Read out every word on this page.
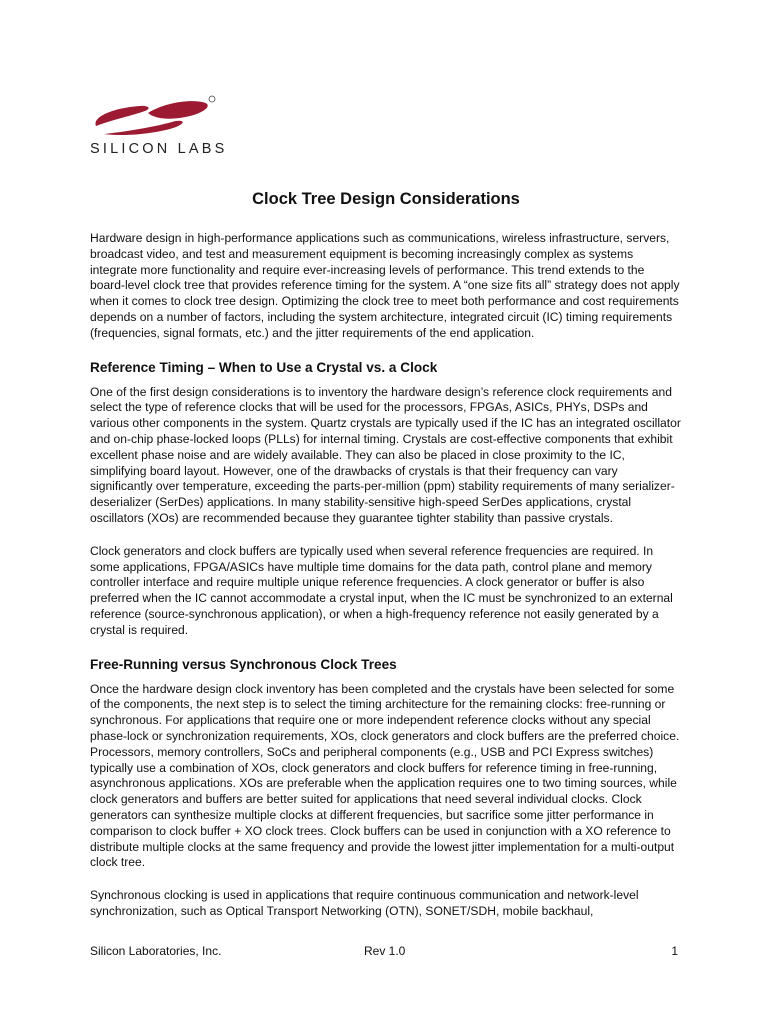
SILICON LABS
Clock Tree Design Considerations

Hardware design in high-performance applications such as communications, wireless infrastructure, servers, broadcast video, and test and measurement equipment is becoming increasingly complex as systems integrate more functionality and require ever-increasing levels of performance. This trend extends to the board-level clock tree that provides reference timing for the system. A “one size fits all” strategy does not apply when it comes to clock tree design. Optimizing the clock tree to meet both performance and cost requirements depends on a number of factors, including the system architecture, integrated circuit (IC) timing requirements (frequencies, signal formats, etc.) and the jitter requirements of the end application.

Reference Timing – When to Use a Crystal vs. a Clock

One of the first design considerations is to inventory the hardware design’s reference clock requirements and select the type of reference clocks that will be used for the processors, FPGAs, ASICs, PHYs, DSPs and various other components in the system. Quartz crystals are typically used if the IC has an integrated oscillator and on-chip phase-locked loops (PLLs) for internal timing. Crystals are cost-effective components that exhibit excellent phase noise and are widely available. They can also be placed in close proximity to the IC, simplifying board layout. However, one of the drawbacks of crystals is that their frequency can vary significantly over temperature, exceeding the parts-per-million (ppm) stability requirements of many serializer-deserializer (SerDes) applications. In many stability-sensitive high-speed SerDes applications, crystal oscillators (XOs) are recommended because they guarantee tighter stability than passive crystals.

Clock generators and clock buffers are typically used when several reference frequencies are required. In some applications, FPGA/ASICs have multiple time domains for the data path, control plane and memory controller interface and require multiple unique reference frequencies. A clock generator or buffer is also preferred when the IC cannot accommodate a crystal input, when the IC must be synchronized to an external reference (source-synchronous application), or when a high-frequency reference not easily generated by a crystal is required.

Free-Running versus Synchronous Clock Trees

Once the hardware design clock inventory has been completed and the crystals have been selected for some of the components, the next step is to select the timing architecture for the remaining clocks: free-running or synchronous. For applications that require one or more independent reference clocks without any special phase-lock or synchronization requirements, XOs, clock generators and clock buffers are the preferred choice. Processors, memory controllers, SoCs and peripheral components (e.g., USB and PCI Express switches) typically use a combination of XOs, clock generators and clock buffers for reference timing in free-running, asynchronous applications. XOs are preferable when the application requires one to two timing sources, while clock generators and buffers are better suited for applications that need several individual clocks. Clock generators can synthesize multiple clocks at different frequencies, but sacrifice some jitter performance in comparison to clock buffer + XO clock trees. Clock buffers can be used in conjunction with a XO reference to distribute multiple clocks at the same frequency and provide the lowest jitter implementation for a multi-output clock tree.

Synchronous clocking is used in applications that require continuous communication and network-level synchronization, such as Optical Transport Networking (OTN), SONET/SDH, mobile backhaul,

Silicon Laboratories, Inc.	Rev 1.0	1
